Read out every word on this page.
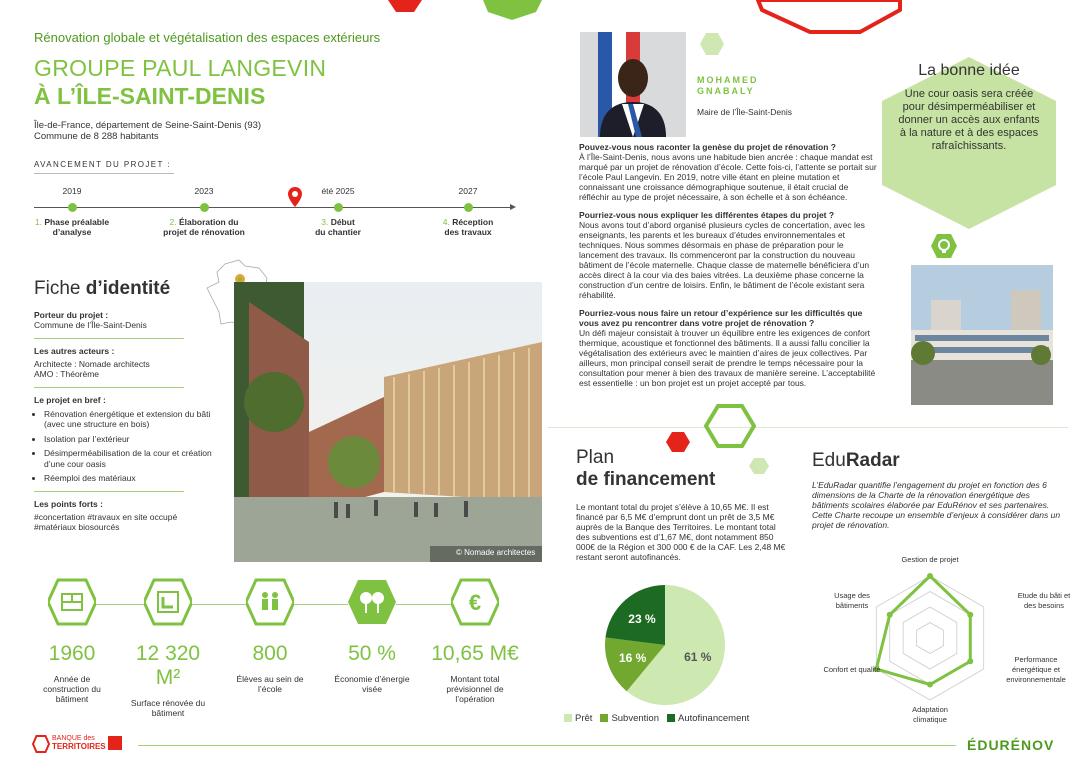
Rénovation globale et végétalisation des espaces extérieurs
GROUPE PAUL LANGEVIN
À L’ÎLE-SAINT-DENIS
Île-de-France, département de Seine-Saint-Denis (93)
Commune de 8 288 habitants
AVANCEMENT DU PROJET :
2019
1. Phase préalable
d’analyse
2023
2. Élaboration du
projet de rénovation
été 2025
3. Début
du chantier
2027
4. Réception
des travaux
Fiche d’identité
Porteur du projet :
Commune de l’Île-Saint-Denis
Les autres acteurs :
Architecte : Nomade architects
AMO : Théorème
Le projet en bref :
• Rénovation énergétique et extension du bâti (avec une structure en bois)
• Isolation par l’extérieur
• Désimperméabilisation de la cour et création d’une cour oasis
• Réemploi des matériaux
Les points forts :
#concertation #travaux en site occupé
#matériaux biosourcés
© Nomade architectes
1960
Année de construction du bâtiment
12 320 M²
Surface rénovée du bâtiment
800
Élèves au sein de l’école
50 %
Économie d’énergie visée
€
10,65 M€
Montant total prévisionnel de l’opération
MOHAMED
GNABALY
Maire de l’Île-Saint-Denis
Pouvez-vous nous raconter la genèse du projet de rénovation ?
À l’Île-Saint-Denis, nous avons une habitude bien ancrée : chaque mandat est marqué par un projet de rénovation d’école. Cette fois-ci, l’attente se portait sur l’école Paul Langevin. En 2019, notre ville étant en pleine mutation et connaissant une croissance démographique soutenue, il était crucial de réfléchir au type de projet nécessaire, à son échelle et à son échéance.
Pourriez-vous nous expliquer les différentes étapes du projet ?
Nous avons tout d’abord organisé plusieurs cycles de concertation, avec les enseignants, les parents et les bureaux d’études environnementales et techniques. Nous sommes désormais en phase de préparation pour le lancement des travaux. Ils commenceront par la construction du nouveau bâtiment de l’école maternelle. Chaque classe de maternelle bénéficiera d’un accès direct à la cour via des baies vitrées. La deuxième phase concerne la construction d’un centre de loisirs. Enfin, le bâtiment de l’école existant sera réhabilité.
Pourriez-vous nous faire un retour d’expérience sur les difficultés que vous avez pu rencontrer dans votre projet de rénovation ?
Un défi majeur consistait à trouver un équilibre entre les exigences de confort thermique, acoustique et fonctionnel des bâtiments. Il a aussi fallu concilier la végétalisation des extérieurs avec le maintien d’aires de jeux collectives. Par ailleurs, mon principal conseil serait de prendre le temps nécessaire pour la consultation pour mener à bien des travaux de manière sereine. L’acceptabilité est essentielle : un bon projet est un projet accepté par tous.
La bonne idée
Une cour oasis sera créée pour désimperméabiliser et donner un accès aux enfants à la nature et à des espaces rafraîchissants.
Plan
de financement
Le montant total du projet s’élève à 10,65 M€. Il est financé par 6,5 M€ d’emprunt dont un prêt de 3,5 M€ auprès de la Banque des Territoires. Le montant total des subventions est d’1,67 M€, dont notamment 850 000€ de la Région et 300 000 € de la CAF. Les 2,48 M€ restant seront autofinancés.
61 %
16 %
23 %
Prêt Subvention Autofinancement
EduRadar
L’EduRadar quantifie l’engagement du projet en fonction des 6 dimensions de la Charte de la rénovation énergétique des bâtiments scolaires élaborée par EduRénov et ses partenaires. Cette Charte recoupe un ensemble d’enjeux à considérer dans un projet de rénovation.
Gestion de projet
Etude du bâti et
des besoins
Performance
énergétique et
environnementale
Adaptation
climatique
Confort et qualité
Usage des
bâtiments
BANQUE des
TERRITOIRES	ÉDURÉNOV
